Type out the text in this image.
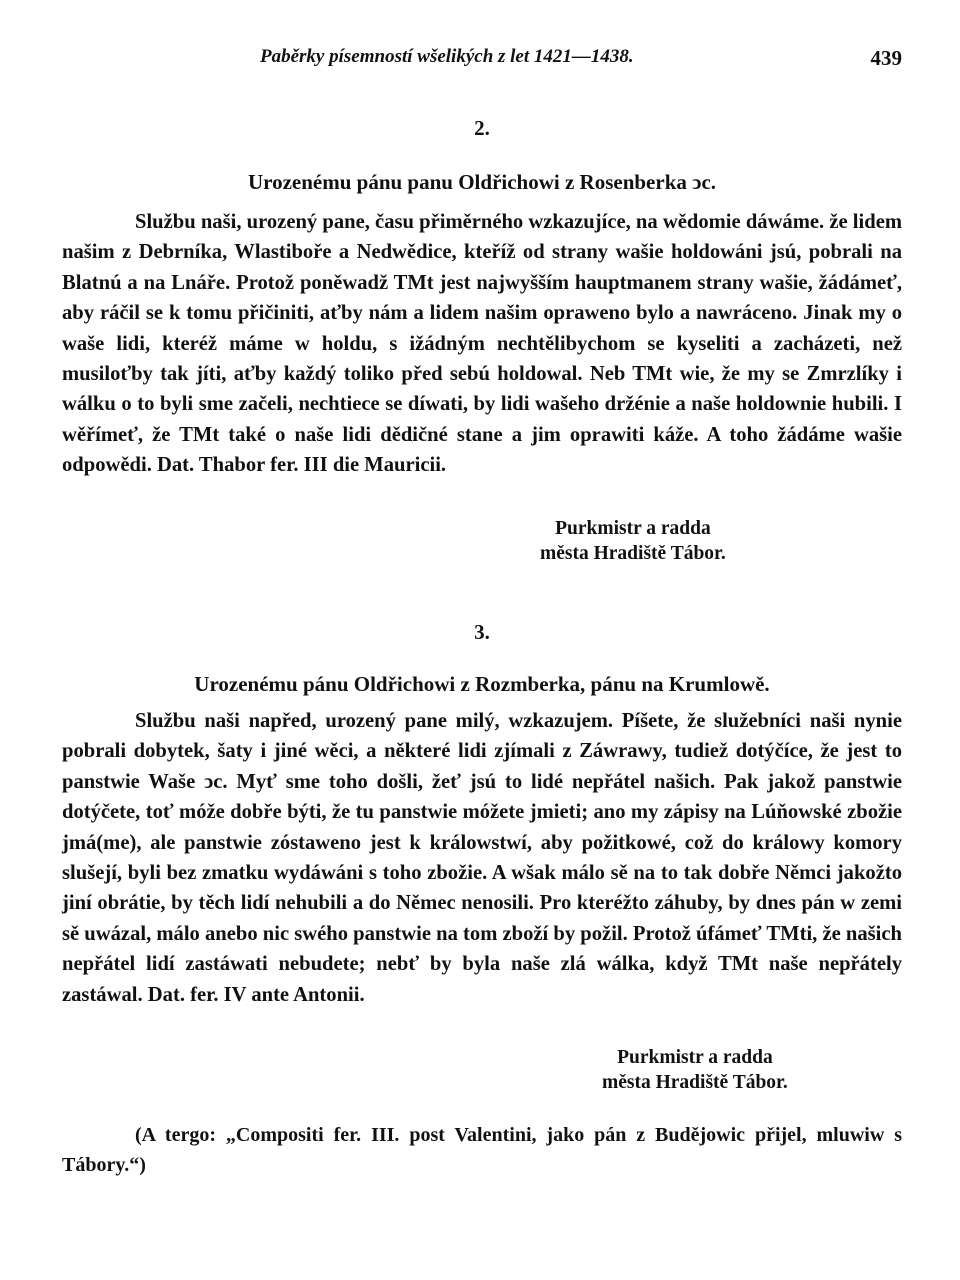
Paběrky písemností wšelikých z let 1421—1438.	439
2.
Urozenému pánu panu Oldřichowi z Rosenberka ↄc.

Službu naši, urozený pane, času přiměrného wzkazujíce, na wědomie dáwáme. že lidem našim z Debrníka, Wlastiboře a Nedwědice, kteříž od strany wašie holdowáni jsú, pobrali na Blatnú a na Lnáře. Protož poněwadž TMt jest najwyšším hauptmanem strany wašie, žádámeť, aby ráčil se k tomu přičiniti, aťby nám a lidem našim opraweno bylo a nawráceno. Jinak my o waše lidi, kteréž máme w holdu, s ižádným nechtělibychom se kyseliti a zacházeti, než musiloťby tak jíti, aťby každý toliko před sebú holdowal. Neb TMt wie, že my se Zmrzlíky i wálku o to byli sme začeli, nechtiece se díwati, by lidi wašeho držénie a naše holdownie hubili. I wěřímeť, že TMt také o naše lidi dědičné stane a jim oprawiti káže. A toho žádáme wašie odpowědi. Dat. Thabor fer. III die Mauricii.

Purkmistr a radda
města Hradiště Tábor.
3.
Urozenému pánu Oldřichowi z Rozmberka, pánu na Krumlowě.

Službu naši napřed, urozený pane milý, wzkazujem. Píšete, že služebníci naši nynie pobrali dobytek, šaty i jiné wěci, a některé lidi zjímali z Záwrawy, tudiež dotýčíce, že jest to panstwie Waše ↄc. Myť sme toho došli, žeť jsú to lidé nepřátel našich. Pak jakož panstwie dotýčete, toť móže dobře býti, že tu panstwie móžete jmieti; ano my zápisy na Lúňowské zbožie jmá(me), ale panstwie zóstaweno jest k králowstwí, aby požitkowé, což do králowy komory slušejí, byli bez zmatku wydáwáni s toho zbožie. A wšak málo sě na to tak dobře Němci jakožto jiní obrátie, by těch lidí nehubili a do Němec nenosili. Pro kteréžto záhuby, by dnes pán w zemi sě uwázal, málo anebo nic swého panstwie na tom zboží by požil. Protož úfámeť TMti, že našich nepřátel lidí zastáwati nebudete; nebť by byla naše zlá wálka, když TMt naše nepřátely zastáwal. Dat. fer. IV ante Antonii.

Purkmistr a radda
města Hradiště Tábor.

(A tergo: „Compositi fer. III. post Valentini, jako pán z Budějowic přijel, mluwiw s Tábory.“)
